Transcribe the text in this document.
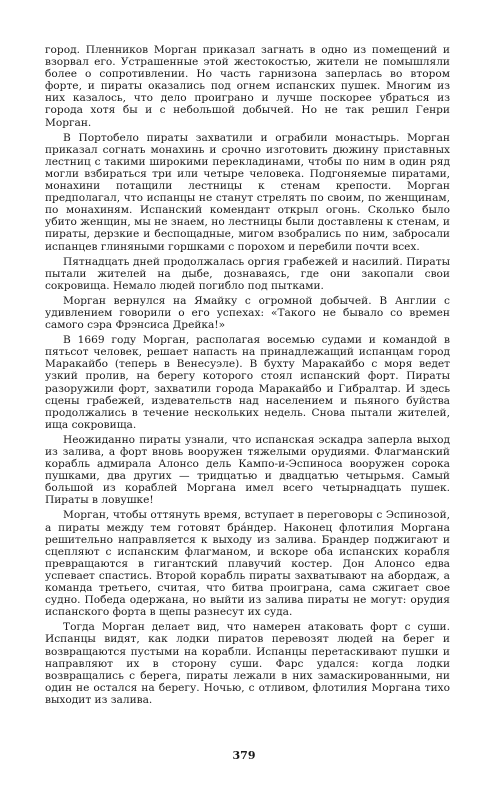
город. Пленников Морган приказал загнать в одно из помещений и взорвал его. Устрашенные этой жестокостью, жители не помышляли более о сопротивлении. Но часть гарнизона заперлась во втором форте, и пираты оказались под огнем испанских пушек. Многим из них казалось, что дело проиграно и лучше поскорее убраться из города хотя бы и с небольшой добычей. Но не так решил Генри Морган.

В Портобело пираты захватили и ограбили монастырь. Морган приказал согнать монахинь и срочно изготовить дюжину приставных лестниц с такими широкими перекладинами, чтобы по ним в один ряд могли взбираться три или четыре человека. Подгоняемые пиратами, монахини потащили лестницы к стенам крепости. Морган предполагал, что испанцы не станут стрелять по своим, по женщинам, по монахиням. Испанский комендант открыл огонь. Сколько было убито женщин, мы не знаем, но лестницы были доставлены к стенам, и пираты, дерзкие и беспощадные, мигом взобрались по ним, забросали испанцев глиняными горшками с порохом и перебили почти всех.

Пятнадцать дней продолжалась оргия грабежей и насилий. Пираты пытали жителей на дыбе, дознаваясь, где они закопали свои сокровища. Немало людей погибло под пытками.

Морган вернулся на Ямайку с огромной добычей. В Англии с удивлением говорили о его успехах: «Такого не бывало со времен самого сэра Фрэнсиса Дрейка!»

В 1669 году Морган, располагая восемью судами и командой в пятьсот человек, решает напасть на принадлежащий испанцам город Маракайбо (теперь в Венесуэле). В бухту Маракайбо с моря ведет узкий пролив, на берегу которого стоял испанский форт. Пираты разоружили форт, захватили города Маракайбо и Гибралтар. И здесь сцены грабежей, издевательств над населением и пьяного буйства продолжались в течение нескольких недель. Снова пытали жителей, ища сокровища.

Неожиданно пираты узнали, что испанская эскадра заперла выход из залива, а форт вновь вооружен тяжелыми орудиями. Флагманский корабль адмирала Алонсо дель Кампо-и-Эспиноса вооружен сорока пушками, два других — тридцатью и двадцатью четырьмя. Самый большой из кораблей Моргана имел всего четырнадцать пушек. Пираты в ловушке!

Морган, чтобы оттянуть время, вступает в переговоры с Эспинозой, а пираты между тем готовят бра́ндер. Наконец флотилия Моргана решительно направляется к выходу из залива. Брандер поджигают и сцепляют с испанским флагманом, и вскоре оба испанских корабля превращаются в гигантский плавучий костер. Дон Алонсо едва успевает спастись. Второй корабль пираты захватывают на абордаж, а команда третьего, считая, что битва проиграна, сама сжигает свое судно. Победа одержана, но выйти из залива пираты не могут: орудия испанского форта в щепы разнесут их суда.

Тогда Морган делает вид, что намерен атаковать форт с суши. Испанцы видят, как лодки пиратов перевозят людей на берег и возвращаются пустыми на корабли. Испанцы перетаскивают пушки и направляют их в сторону суши. Фарс удался: когда лодки возвращались с берега, пираты лежали в них замаскированными, ни один не остался на берегу. Ночью, с отливом, флотилия Моргана тихо выходит из залива.

379
